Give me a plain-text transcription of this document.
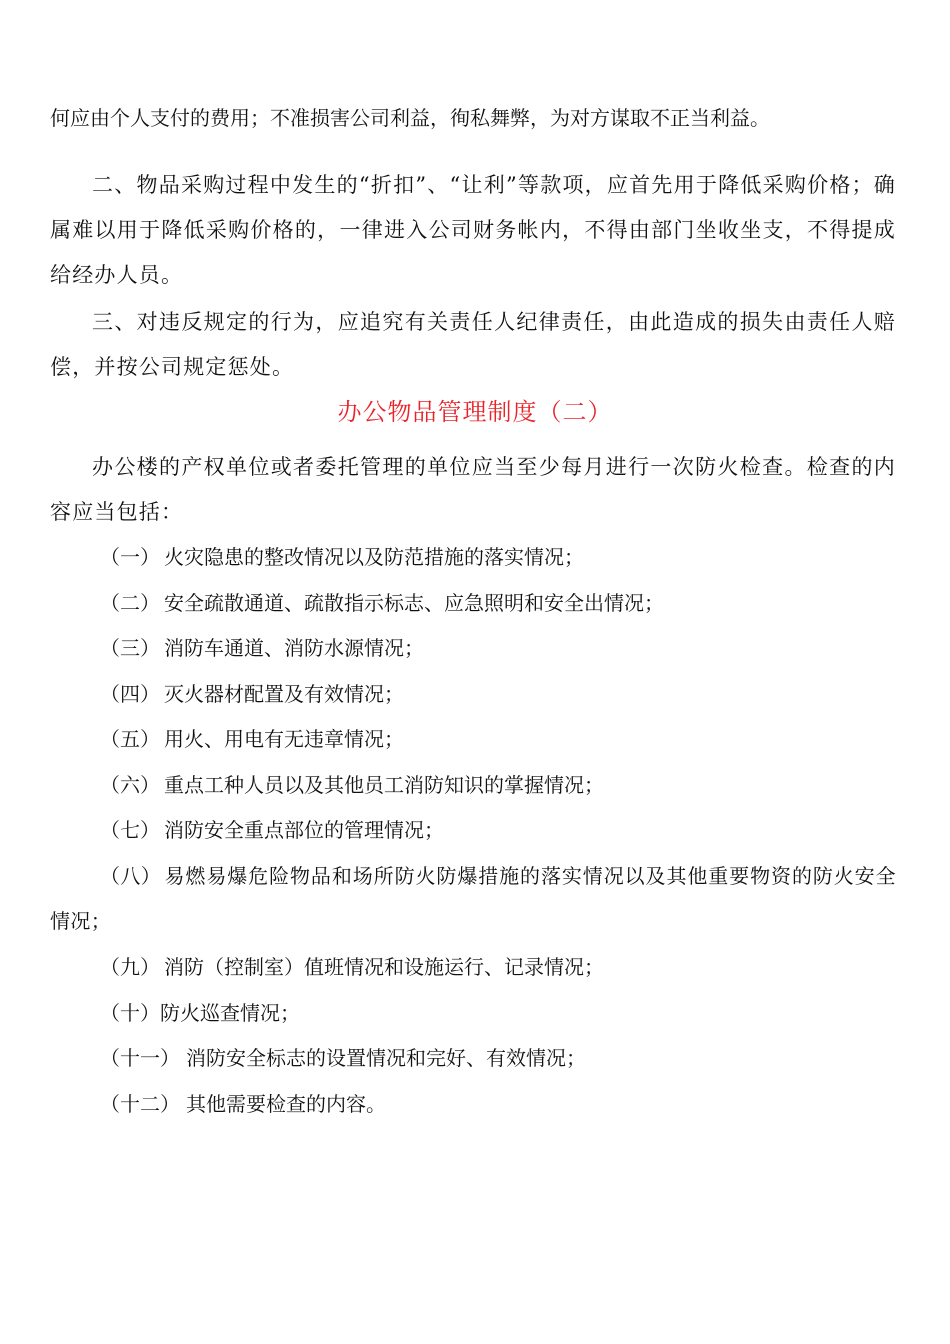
何应由个人支付的费用；不准损害公司利益，徇私舞弊，为对方谋取不正当利益。

二、物品采购过程中发生的“折扣”、“让利”等款项，应首先用于降低采购价格；确属难以用于降低采购价格的，一律进入公司财务帐内，不得由部门坐收坐支，不得提成给经办人员。

三、对违反规定的行为，应追究有关责任人纪律责任，由此造成的损失由责任人赔偿，并按公司规定惩处。

办公物品管理制度（二）

办公楼的产权单位或者委托管理的单位应当至少每月进行一次防火检查。检查的内容应当包括：

（一） 火灾隐患的整改情况以及防范措施的落实情况；

（二） 安全疏散通道、疏散指示标志、应急照明和安全出情况；

（三） 消防车通道、消防水源情况；

（四） 灭火器材配置及有效情况；

（五） 用火、用电有无违章情况；

（六） 重点工种人员以及其他员工消防知识的掌握情况；

（七） 消防安全重点部位的管理情况；

（八） 易燃易爆危险物品和场所防火防爆措施的落实情况以及其他重要物资的防火安全情况；

（九） 消防（控制室）值班情况和设施运行、记录情况；

（十）防火巡查情况；

（十一） 消防安全标志的设置情况和完好、有效情况；

（十二） 其他需要检查的内容。
